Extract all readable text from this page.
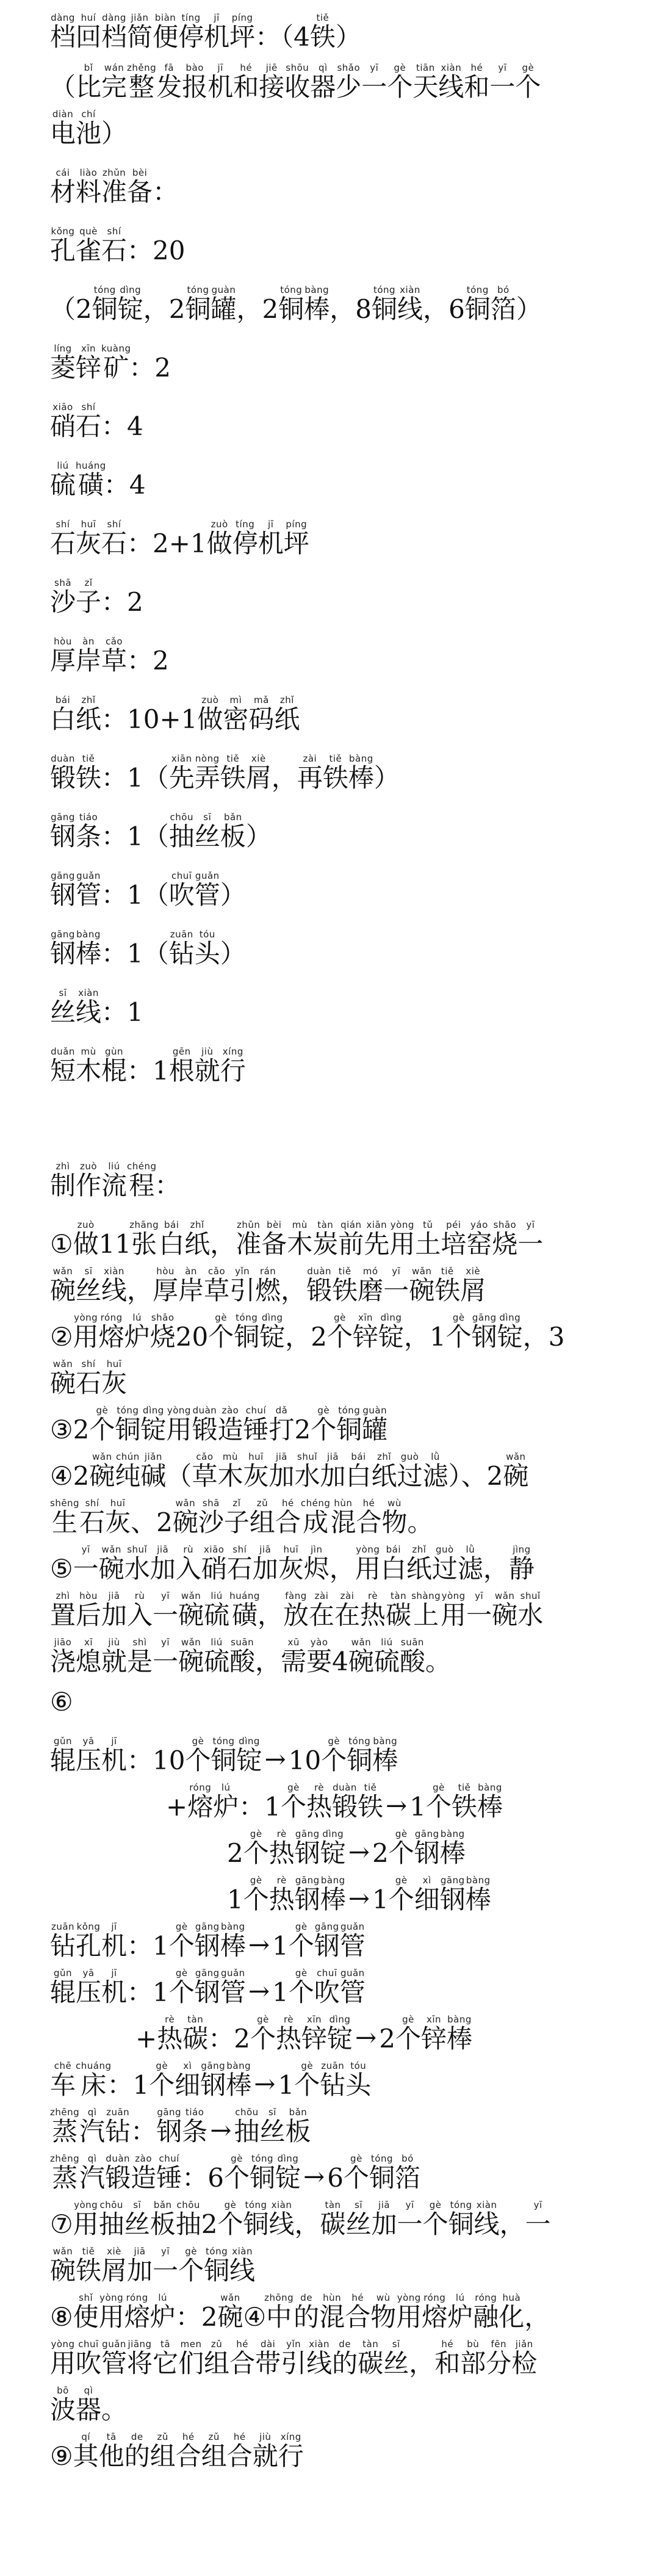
档dàng回huí档dàng简jiǎn便biàn停tíng机jī坪píng：（4铁tiě）
（比bǐ完wán整zhěng发fā报bào机jī和hé接jiē收shōu器qì少shǎo一yī个gè天tiān线xiàn和hé一yī个gè
电diàn池chí）
材cái料liào准zhǔn备bèi：
孔kǒng雀què石shí：20
（2铜tóng锭dìng，2铜tóng罐guàn，2铜tóng棒bàng，8铜tóng线xiàn，6铜tóng箔bó）
菱líng锌xīn矿kuàng：2
硝xiāo石shí：4
硫liú磺huáng：4
石shí灰huī石shí：2+1做zuò停tíng机jī坪píng
沙shā子zǐ：2
厚hòu岸àn草cǎo：2
白bái纸zhǐ：10+1做zuò密mì码mǎ纸zhǐ
锻duàn铁tiě：1（先xiān弄nòng铁tiě屑xiè，再zài铁tiě棒bàng）
钢gāng条tiáo：1（抽chōu丝sī板bǎn）
钢gāng管guǎn：1（吹chuī管guǎn）
钢gāng棒bàng：1（钻zuān头tóu）
丝sī线xiàn：1
短duǎn木mù棍gùn：1根gēn就jiù行xíng
制zhì作zuò流liú程chéng：
①做zuò11张zhāng白bái纸zhǐ，准zhǔn备bèi木mù炭tàn前qián先xiān用yòng土tǔ培péi窑yáo烧shāo一yī
碗wǎn丝sī线xiàn，厚hòu岸àn草cǎo引yǐn燃rán，锻duàn铁tiě磨mó一yī碗wǎn铁tiě屑xiè
②用yòng熔róng炉lú烧shāo20个gè铜tóng锭dìng，2个gè锌xīn锭dìng，1个gè钢gāng锭dìng，3
碗wǎn石shí灰huī
③2个gè铜tóng锭dìng用yòng锻duàn造zào锤chuí打dǎ2个gè铜tóng罐guàn
④2碗wǎn纯chún碱jiǎn（草cǎo木mù灰huī加jiā水shuǐ加jiā白bái纸zhǐ过guò滤lǜ）、2碗wǎn
生shēng石shí灰huī、2碗wǎn沙shā子zǐ组zǔ合hé成chéng混hùn合hé物wù。
⑤一yī碗wǎn水shuǐ加jiā入rù硝xiāo石shí加jiā灰huī烬jìn，用yòng白bái纸zhǐ过guò滤lǜ，静jìng
置zhì后hòu加jiā入rù一yī碗wǎn硫liú磺huáng，放fàng在zài在zài热rè碳tàn上shàng用yòng一yī碗wǎn水shuǐ
浇jiāo熄xī就jiù是shì一yī碗wǎn硫liú酸suān，需xū要yào4碗wǎn硫liú酸suān。
⑥
辊gǔn压yā机jī：10个gè铜tóng锭dìng→10个gè铜tóng棒bàng
+熔róng炉lú：1个gè热rè锻duàn铁tiě→1个gè铁tiě棒bàng
2个gè热rè钢gāng锭dìng→2个gè钢gāng棒bàng
1个gè热rè钢gāng棒bàng→1个gè细xì钢gāng棒bàng
钻zuān孔kǒng机jī：1个gè钢gāng棒bàng→1个gè钢gāng管guǎn
辊gǔn压yā机jī：1个gè钢gāng管guǎn→1个gè吹chuī管guǎn
+热rè碳tàn：2个gè热rè锌xīn锭dìng→2个gè锌xīn棒bàng
车chē床chuáng：1个gè细xì钢gāng棒bàng→1个gè钻zuān头tóu
蒸zhēng汽qì钻zuān：钢gāng条tiáo→抽chōu丝sī板bǎn
蒸zhēng汽qì锻duàn造zào锤chuí：6个gè铜tóng锭dìng→6个gè铜tóng箔bó
⑦用yòng抽chōu丝sī板bǎn抽chōu2个gè铜tóng线xiàn，碳tàn丝sī加jiā一yī个gè铜tóng线xiàn，一yī
碗wǎn铁tiě屑xiè加jiā一yī个gè铜tóng线xiàn
⑧使shǐ用yòng熔róng炉lú：2碗wǎn④中zhōng的de混hùn合hé物wù用yòng熔róng炉lú融róng化huà，
用yòng吹chuī管guǎn将jiāng它tā们men组zǔ合hé带dài引yǐn线xiàn的de碳tàn丝sī，和hé部bù分fēn检jiǎn
波bō器qì。
⑨其qí他tā的de组zǔ合hé组zǔ合hé就jiù行xíng
